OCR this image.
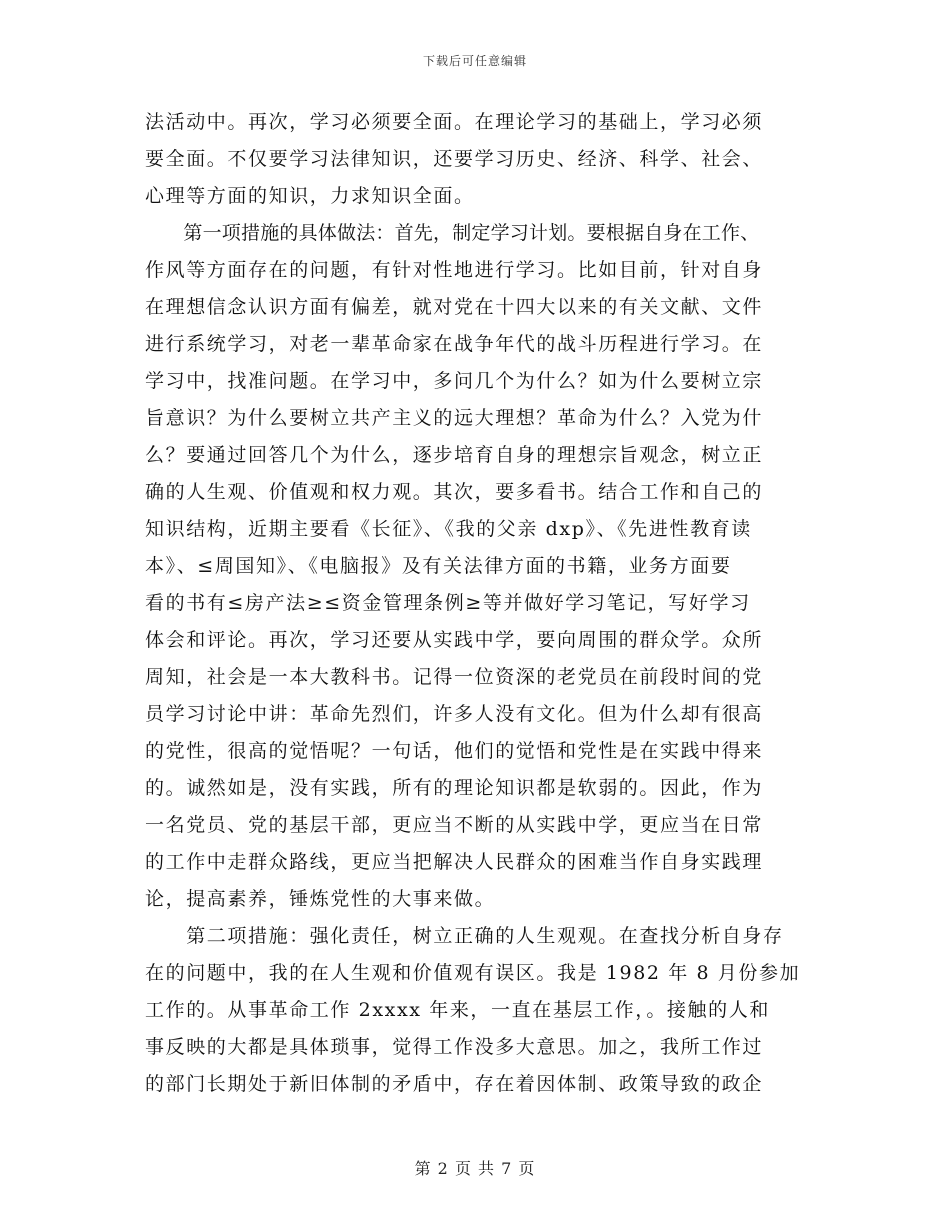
下载后可任意编辑
法活动中。再次，学习必须要全面。在理论学习的基础上，学习必须
要全面。不仅要学习法律知识，还要学习历史、经济、科学、社会、
心理等方面的知识，力求知识全面。
　　第一项措施的具体做法：首先，制定学习计划。要根据自身在工作、
作风等方面存在的问题，有针对性地进行学习。比如目前，针对自身
在理想信念认识方面有偏差，就对党在十四大以来的有关文献、文件
进行系统学习，对老一辈革命家在战争年代的战斗历程进行学习。在
学习中，找准问题。在学习中，多问几个为什么？如为什么要树立宗
旨意识？为什么要树立共产主义的远大理想？革命为什么？入党为什
么？要通过回答几个为什么，逐步培育自身的理想宗旨观念，树立正
确的人生观、价值观和权力观。其次，要多看书。结合工作和自己的
知识结构，近期主要看《长征》、《我的父亲 dxp》、《先进性教育读
本》、≤周国知》、《电脑报》及有关法律方面的书籍，业务方面要
看的书有≤房产法≥≤资金管理条例≥等并做好学习笔记，写好学习
体会和评论。再次，学习还要从实践中学，要向周围的群众学。众所
周知，社会是一本大教科书。记得一位资深的老党员在前段时间的党
员学习讨论中讲：革命先烈们，许多人没有文化。但为什么却有很高
的党性，很高的觉悟呢？一句话，他们的觉悟和党性是在实践中得来
的。诚然如是，没有实践，所有的理论知识都是软弱的。因此，作为
一名党员、党的基层干部，更应当不断的从实践中学，更应当在日常
的工作中走群众路线，更应当把解决人民群众的困难当作自身实践理
论，提高素养，锤炼党性的大事来做。
　　第二项措施：强化责任，树立正确的人生观观。在查找分析自身存
在的问题中，我的在人生观和价值观有误区。我是 1982 年 8 月份参加
工作的。从事革命工作 2xxxx 年来，一直在基层工作，。接触的人和
事反映的大都是具体琐事，觉得工作没多大意思。加之，我所工作过
的部门长期处于新旧体制的矛盾中，存在着因体制、政策导致的政企
第 2 页 共 7 页
